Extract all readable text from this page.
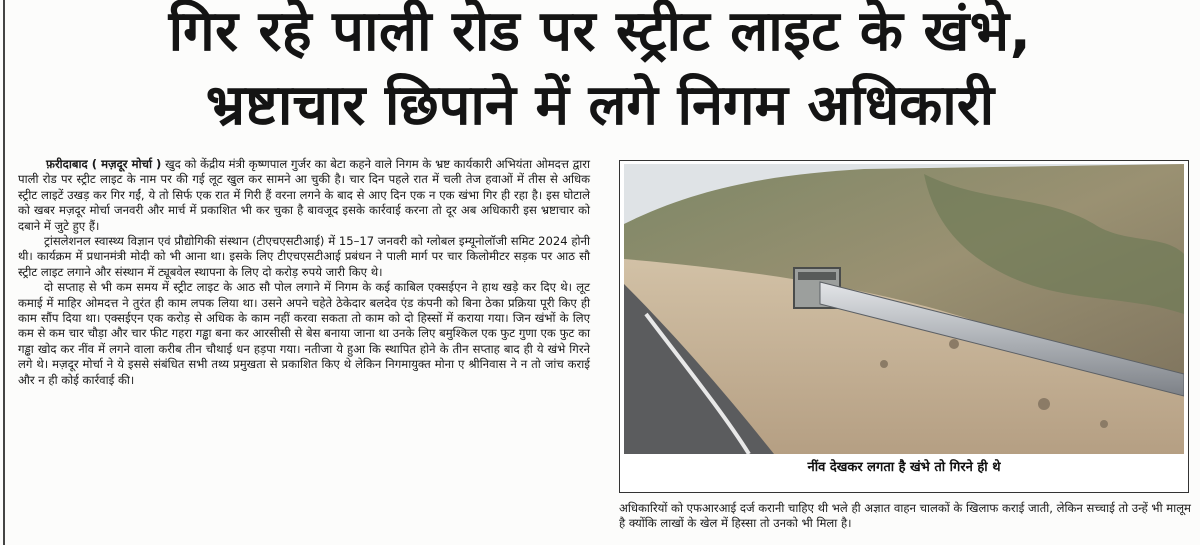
गिर रहे पाली रोड पर स्ट्रीट लाइट के खंभे,
भ्रष्टाचार छिपाने में लगे निगम अधिकारी

फ़रीदाबाद ( मज़दूर मोर्चा ) खुद को केंद्रीय मंत्री कृष्णपाल गुर्जर का बेटा कहने वाले निगम के भ्रष्ट कार्यकारी अभियंता ओमदत्त द्वारा पाली रोड पर स्ट्रीट लाइट के नाम पर की गई लूट खुल कर सामने आ चुकी है। चार दिन पहले रात में चली तेज हवाओं में तीस से अधिक स्ट्रीट लाइटें उखड़ कर गिर गईं, ये तो सिर्फ एक रात में गिरी हैं वरना लगने के बाद से आए दिन एक न एक खंभा गिर ही रहा है। इस घोटाले को खबर मज़दूर मोर्चा जनवरी और मार्च में प्रकाशित भी कर चुका है बावजूद इसके कार्रवाई करना तो दूर अब अधिकारी इस भ्रष्टाचार को दबाने में जुटे हुए हैं।

ट्रांसलेशनल स्वास्थ्य विज्ञान एवं प्रौद्योगिकी संस्थान (टीएचएसटीआई) में 15–17 जनवरी को ग्लोबल इम्यूनोलॉजी समिट 2024 होनी थी। कार्यक्रम में प्रधानमंत्री मोदी को भी आना था। इसके लिए टीएचएसटीआई प्रबंधन ने पाली मार्ग पर चार किलोमीटर सड़क पर आठ सौ स्ट्रीट लाइट लगाने और संस्थान में ट्यूबवेल स्थापना के लिए दो करोड़ रुपये जारी किए थे।

दो सप्ताह से भी कम समय में स्ट्रीट लाइट के आठ सौ पोल लगाने में निगम के कई काबिल एक्सईएन ने हाथ खड़े कर दिए थे। लूट कमाई में माहिर ओमदत्त ने तुरंत ही काम लपक लिया था। उसने अपने चहेते ठेकेदार बलदेव एंड कंपनी को बिना ठेका प्रक्रिया पूरी किए ही काम सौंप दिया था। एक्सईएन एक करोड़ से अधिक के काम नहीं करवा सकता तो काम को दो हिस्सों में कराया गया। जिन खंभों के लिए कम से कम चार चौड़ा और चार फीट गहरा गड्ढा बना कर आरसीसी से बेस बनाया जाना था उनके लिए बमुश्किल एक फुट गुणा एक फुट का गड्ढा खोद कर नींव में लगने वाला करीब तीन चौथाई धन हड़पा गया। नतीजा ये हुआ कि स्थापित होने के तीन सप्ताह बाद ही ये खंभे गिरने लगे थे। मज़दूर मोर्चा ने ये इससे संबंधित सभी तथ्य प्रमुखता से प्रकाशित किए थे लेकिन निगमायुक्त मोना ए श्रीनिवास ने न तो जांच कराई और न ही कोई कार्रवाई की।

नींव देखकर लगता है खंभे तो गिरने ही थे
अधिकारियों को एफआरआई दर्ज करानी चाहिए थी भले ही अज्ञात वाहन चालकों के खिलाफ कराई जाती, लेकिन सच्चाई तो उन्हें भी मालूम है क्योंकि लाखों के खेल में हिस्सा तो उनको भी मिला है।
